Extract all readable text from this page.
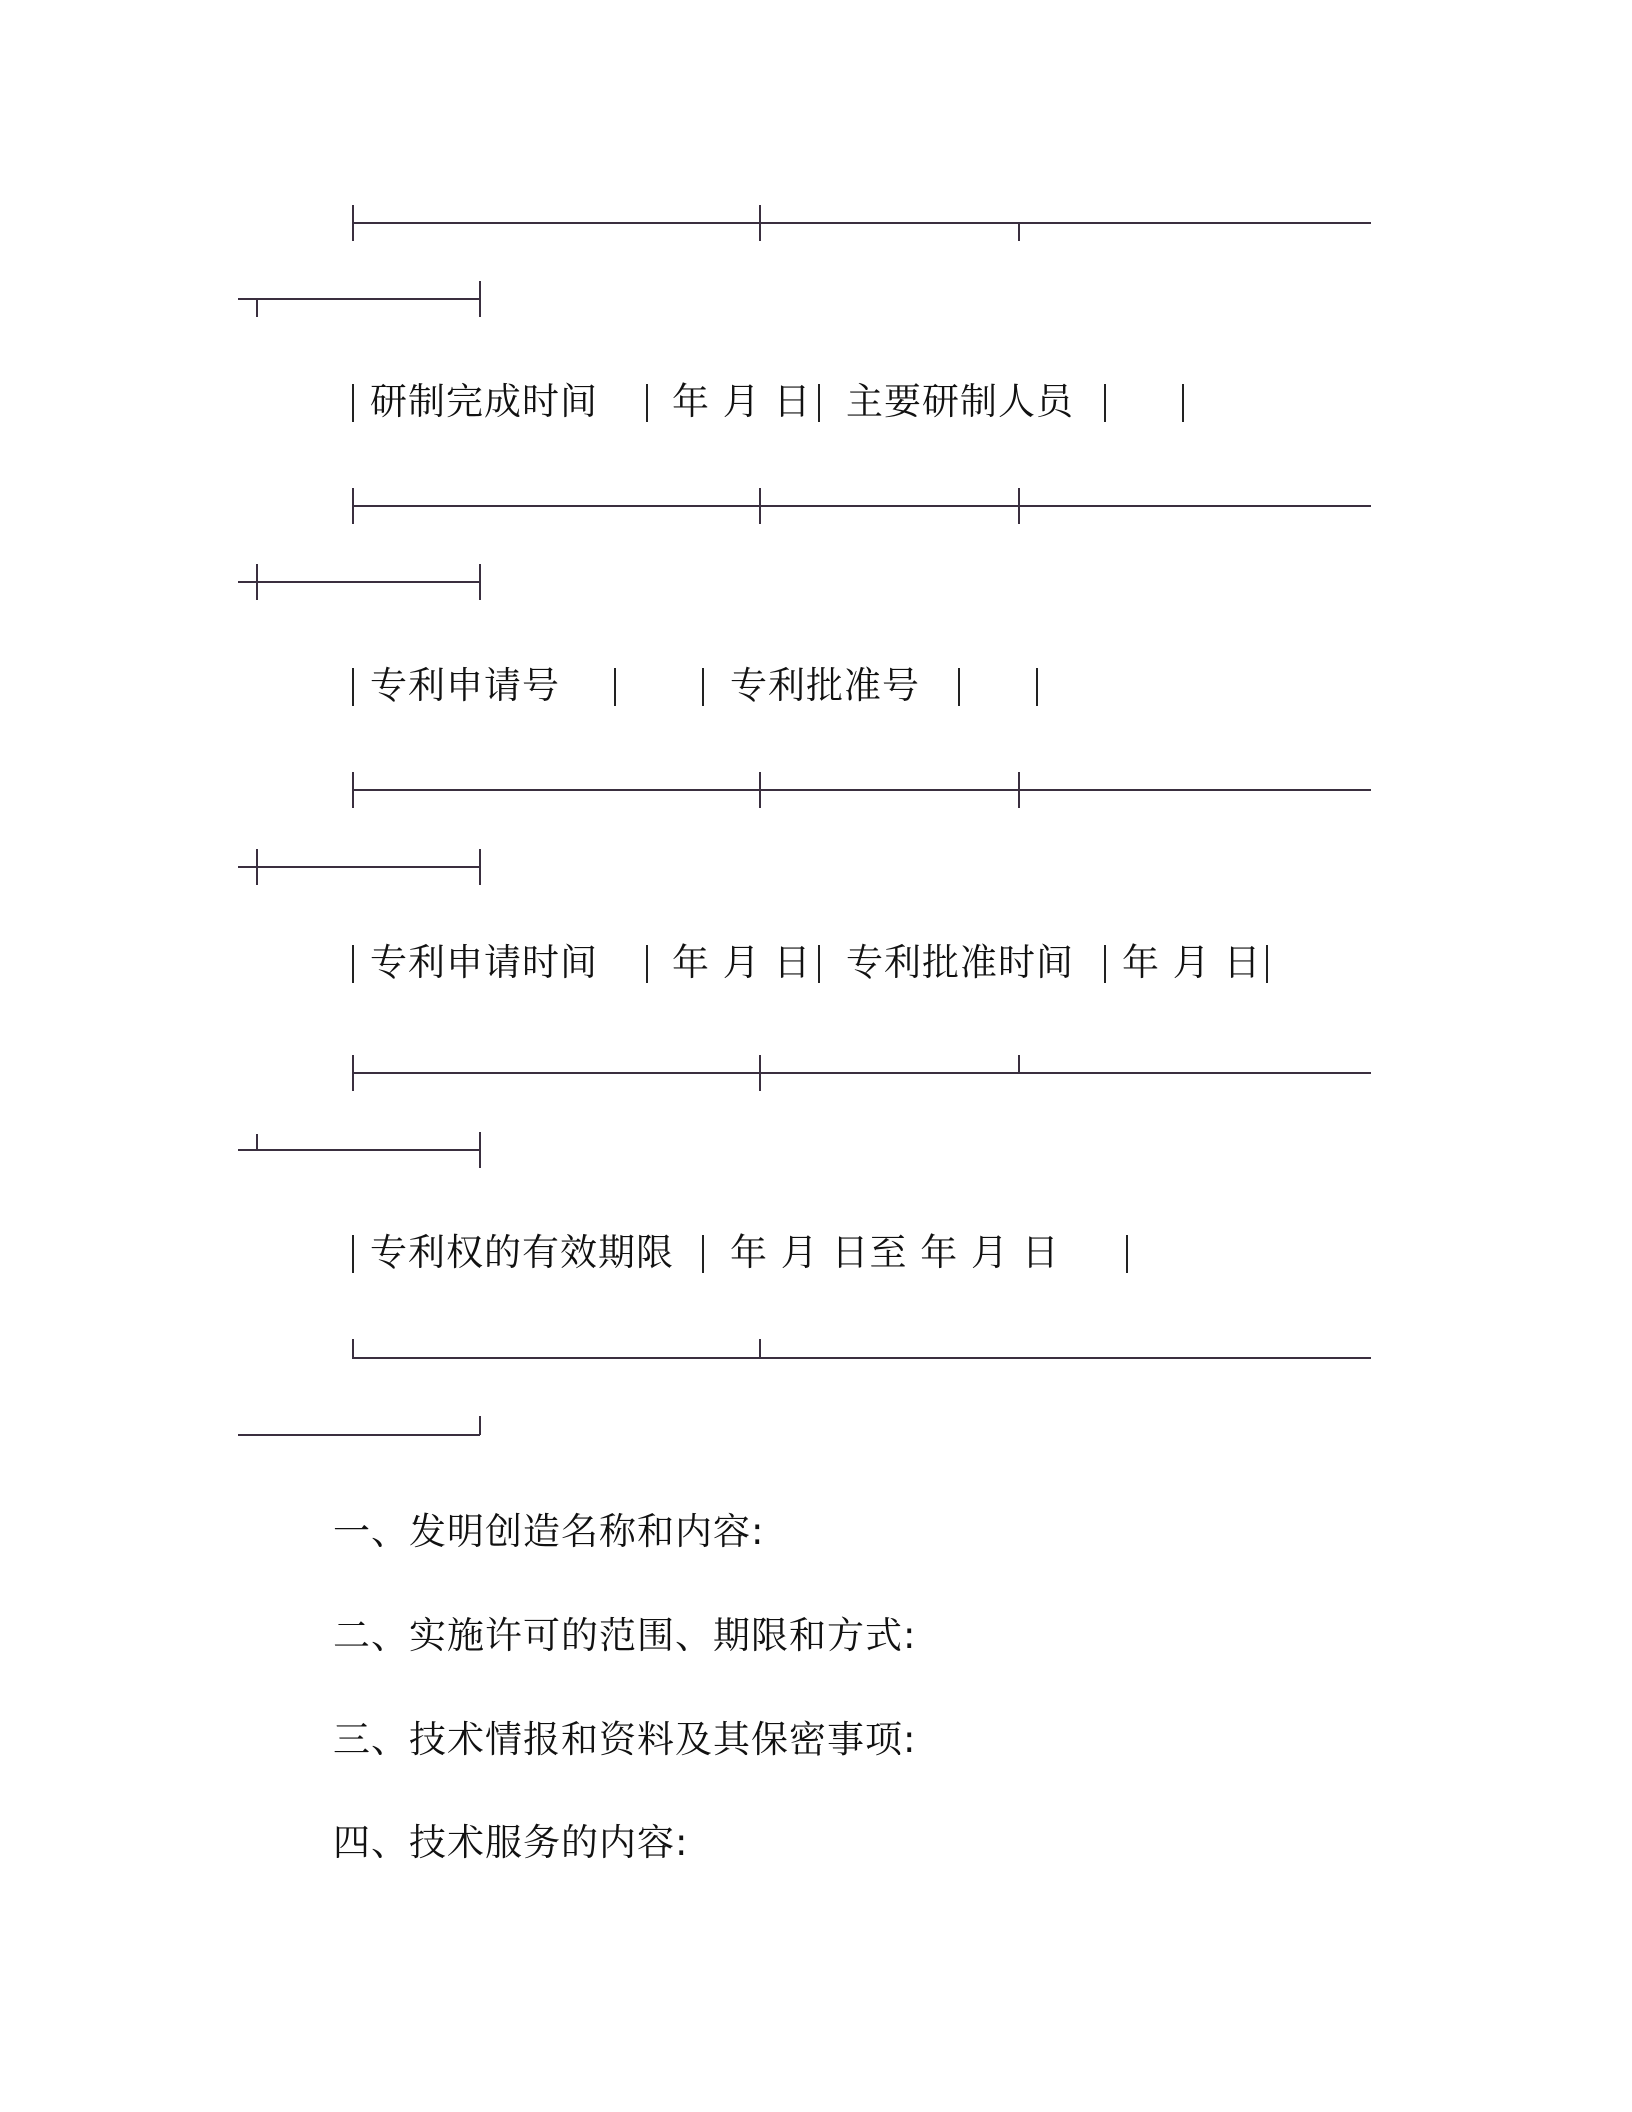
研制完成时间 年 月 日 主要研制人员
专利申请号	专利批准号
专利申请时间 年 月 日 专利批准时间 年 月 日
专利权的有效期限 年 月 日至 年 月 日
一、发明创造名称和内容:
二、实施许可的范围、期限和方式:
三、技术情报和资料及其保密事项:
四、技术服务的内容:
